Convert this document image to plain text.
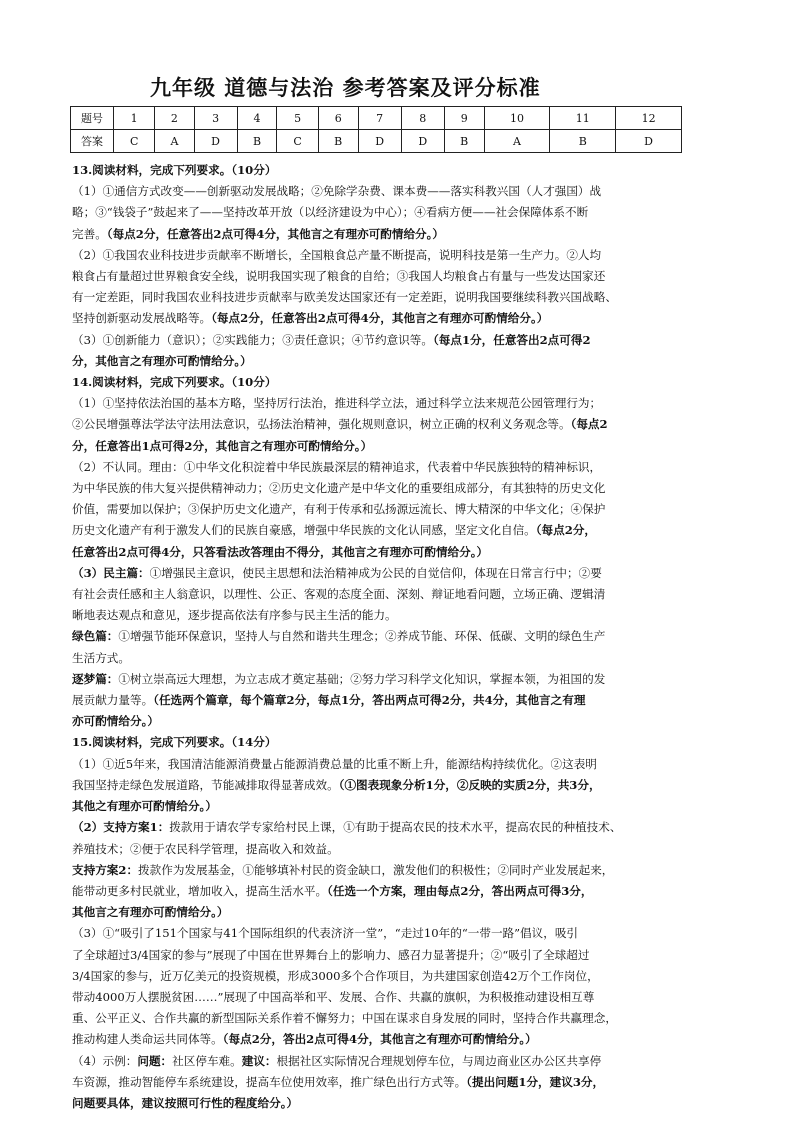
九年级 道德与法治 参考答案及评分标准
题号	1	2	3	4	5	6	7	8	9	10	11	12
答案	C	A	D	B	C	B	D	D	B	A	B	D
13.阅读材料，完成下列要求。（10分）
（1）①通信方式改变——创新驱动发展战略；②免除学杂费、课本费——落实科教兴国（人才强国）战
略；③“钱袋子”鼓起来了——坚持改革开放（以经济建设为中心）；④看病方便——社会保障体系不断
完善。（每点2分，任意答出2点可得4分，其他言之有理亦可酌情给分。）
（2）①我国农业科技进步贡献率不断增长，全国粮食总产量不断提高，说明科技是第一生产力。②人均
粮食占有量超过世界粮食安全线，说明我国实现了粮食的自给；③我国人均粮食占有量与一些发达国家还
有一定差距，同时我国农业科技进步贡献率与欧美发达国家还有一定差距，说明我国要继续科教兴国战略、
坚持创新驱动发展战略等。（每点2分，任意答出2点可得4分，其他言之有理亦可酌情给分。）
（3）①创新能力（意识）；②实践能力；③责任意识；④节约意识等。（每点1分，任意答出2点可得2
分，其他言之有理亦可酌情给分。）
14.阅读材料，完成下列要求。（10分）
（1）①坚持依法治国的基本方略，坚持厉行法治，推进科学立法，通过科学立法来规范公园管理行为；
②公民增强尊法学法守法用法意识，弘扬法治精神，强化规则意识，树立正确的权利义务观念等。（每点2
分，任意答出1点可得2分，其他言之有理亦可酌情给分。）
（2）不认同。理由：①中华文化积淀着中华民族最深层的精神追求，代表着中华民族独特的精神标识，
为中华民族的伟大复兴提供精神动力；②历史文化遗产是中华文化的重要组成部分，有其独特的历史文化
价值，需要加以保护；③保护历史文化遗产，有利于传承和弘扬源远流长、博大精深的中华文化；④保护
历史文化遗产有利于激发人们的民族自豪感，增强中华民族的文化认同感，坚定文化自信。（每点2分，
任意答出2点可得4分，只答看法改答理由不得分，其他言之有理亦可酌情给分。）
（3）民主篇：①增强民主意识，使民主思想和法治精神成为公民的自觉信仰，体现在日常言行中；②要
有社会责任感和主人翁意识，以理性、公正、客观的态度全面、深刻、辩证地看问题，立场正确、逻辑清
晰地表达观点和意见，逐步提高依法有序参与民主生活的能力。
绿色篇：①增强节能环保意识，坚持人与自然和谐共生理念；②养成节能、环保、低碳、文明的绿色生产
生活方式。
逐梦篇：①树立崇高远大理想，为立志成才奠定基础；②努力学习科学文化知识，掌握本领，为祖国的发
展贡献力量等。（任选两个篇章，每个篇章2分，每点1分，答出两点可得2分，共4分，其他言之有理
亦可酌情给分。）
15.阅读材料，完成下列要求。（14分）
（1）①近5年来，我国清洁能源消费量占能源消费总量的比重不断上升，能源结构持续优化。②这表明
我国坚持走绿色发展道路，节能减排取得显著成效。（①图表现象分析1分，②反映的实质2分，共3分，
其他之有理亦可酌情给分。）
（2）支持方案1：拨款用于请农学专家给村民上课，①有助于提高农民的技术水平，提高农民的种植技术、
养殖技术；②便于农民科学管理，提高收入和效益。
支持方案2：拨款作为发展基金，①能够填补村民的资金缺口，激发他们的积极性；②同时产业发展起来，
能带动更多村民就业，增加收入，提高生活水平。（任选一个方案，理由每点2分，答出两点可得3分，
其他言之有理亦可酌情给分。）
（3）①“吸引了151个国家与41个国际组织的代表济济一堂”，“走过10年的“一带一路”倡议，吸引
了全球超过3/4国家的参与”展现了中国在世界舞台上的影响力、感召力显著提升；②“吸引了全球超过
3/4国家的参与，近万亿美元的投资规模，形成3000多个合作项目，为共建国家创造42万个工作岗位，
带动4000万人摆脱贫困……”展现了中国高举和平、发展、合作、共赢的旗帜，为积极推动建设相互尊
重、公平正义、合作共赢的新型国际关系作着不懈努力；中国在谋求自身发展的同时，坚持合作共赢理念，
推动构建人类命运共同体等。（每点2分，答出2点可得4分，其他言之有理亦可酌情给分。）
（4）示例：问题：社区停车难。建议：根据社区实际情况合理规划停车位，与周边商业区办公区共享停
车资源，推动智能停车系统建设，提高车位使用效率，推广绿色出行方式等。（提出问题1分，建议3分，
问题要具体，建议按照可行性的程度给分。）
